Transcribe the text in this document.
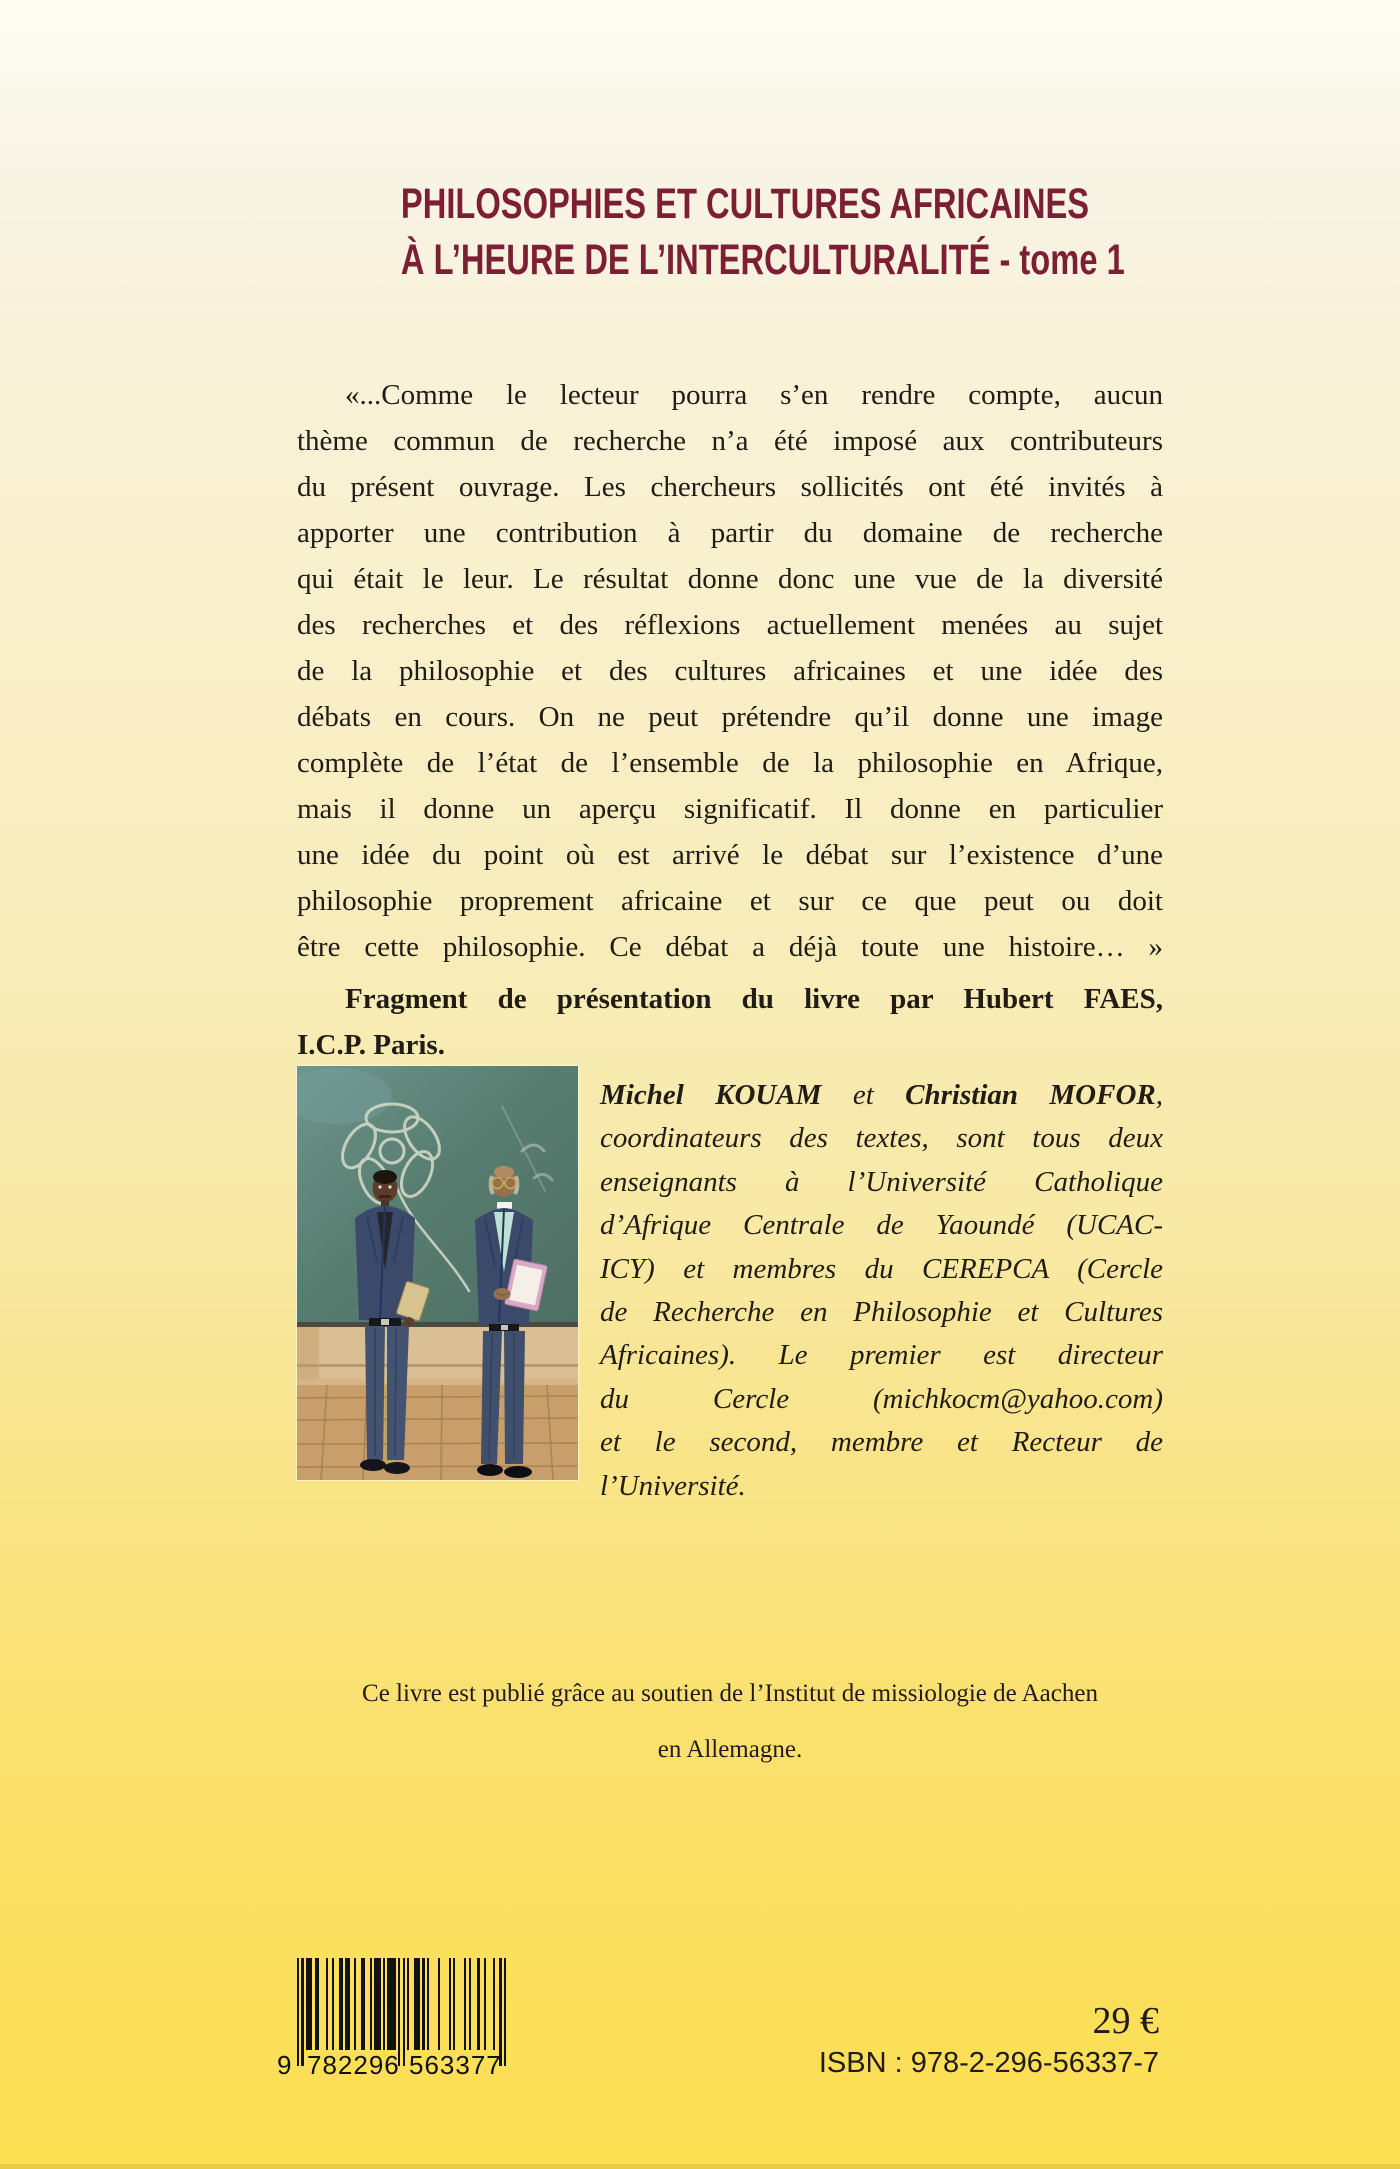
PHILOSOPHIES ET CULTURES AFRICAINES
À L’HEURE DE L’INTERCULTURALITÉ - tome 1
«...Comme le lecteur pourra s’en rendre compte, aucun
thème commun de recherche n’a été imposé aux contributeurs
du présent ouvrage. Les chercheurs sollicités ont été invités à
apporter une contribution à partir du domaine de recherche
qui était le leur. Le résultat donne donc une vue de la diversité
des recherches et des réflexions actuellement menées au sujet
de la philosophie et des cultures africaines et une idée des
débats en cours. On ne peut prétendre qu’il donne une image
complète de l’état de l’ensemble de la philosophie en Afrique,
mais il donne un aperçu significatif. Il donne en particulier
une idée du point où est arrivé le débat sur l’existence d’une
philosophie proprement africaine et sur ce que peut ou doit
être cette philosophie. Ce débat a déjà toute une histoire… »
Fragment de présentation du livre par Hubert FAES,
I.C.P. Paris.
Michel KOUAM et Christian MOFOR,
coordinateurs des textes, sont tous deux
enseignants à l’Université Catholique
d’Afrique Centrale de Yaoundé (UCAC-
ICY) et membres du CEREPCA (Cercle
de Recherche en Philosophie et Cultures
Africaines). Le premier est directeur
du Cercle (michkocm@yahoo.com)
et le second, membre et Recteur de
l’Université.
Ce livre est publié grâce au soutien de l’Institut de missiologie de Aachen
en Allemagne.
9 782296 563377
29 €
ISBN : 978-2-296-56337-7
